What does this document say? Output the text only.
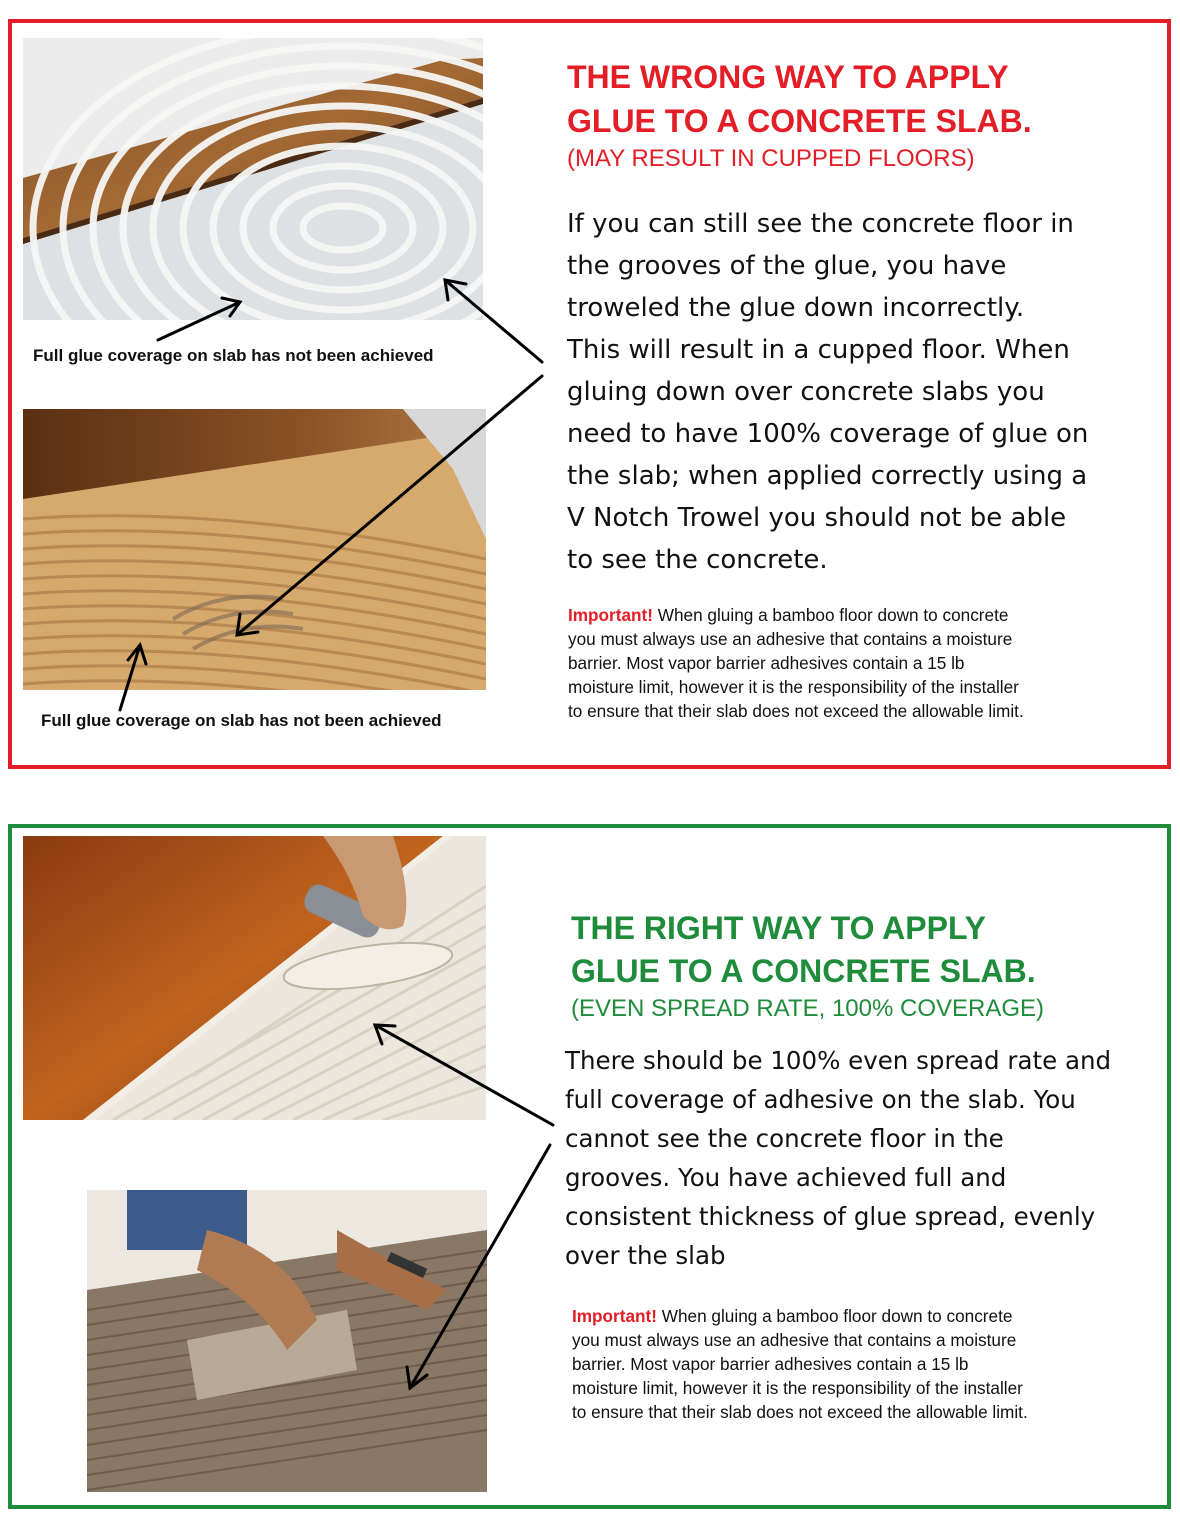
Full glue coverage on slab has not been achieved
Full glue coverage on slab has not been achieved
THE WRONG WAY TO APPLY
GLUE TO A CONCRETE SLAB.
(MAY RESULT IN CUPPED FLOORS)
If you can still see the concrete floor in
the grooves of the glue, you have
troweled the glue down incorrectly.
This will result in a cupped floor. When
gluing down over concrete slabs you
need to have 100% coverage of glue on
the slab; when applied correctly using a
V Notch Trowel you should not be able
to see the concrete.
Important! When gluing a bamboo floor down to concrete
you must always use an adhesive that contains a moisture
barrier. Most vapor barrier adhesives contain a 15 lb
moisture limit, however it is the responsibility of the installer
to ensure that their slab does not exceed the allowable limit.
THE RIGHT WAY TO APPLY
GLUE TO A CONCRETE SLAB.
(EVEN SPREAD RATE, 100% COVERAGE)
There should be 100% even spread rate and
full coverage of adhesive on the slab. You
cannot see the concrete floor in the
grooves. You have achieved full and
consistent thickness of glue spread, evenly
over the slab
Important! When gluing a bamboo floor down to concrete
you must always use an adhesive that contains a moisture
barrier. Most vapor barrier adhesives contain a 15 lb
moisture limit, however it is the responsibility of the installer
to ensure that their slab does not exceed the allowable limit.
